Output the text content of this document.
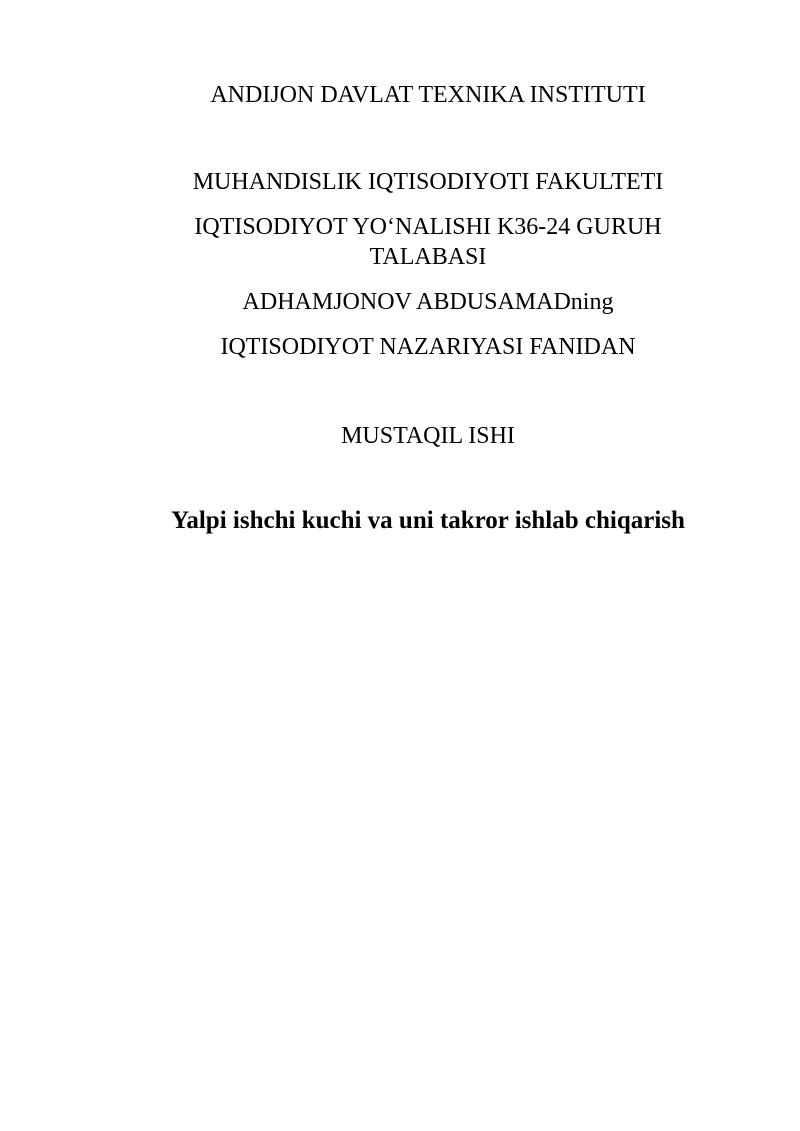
ANDIJON DAVLAT TEXNIKA INSTITUTI
MUHANDISLIK IQTISODIYOTI FAKULTETI
IQTISODIYOT YO‘NALISHI K36-24 GURUH TALABASI
ADHAMJONOV ABDUSAMADning
IQTISODIYOT NAZARIYASI FANIDAN
MUSTAQIL ISHI
Yalpi ishchi kuchi va uni takror ishlab chiqarish
